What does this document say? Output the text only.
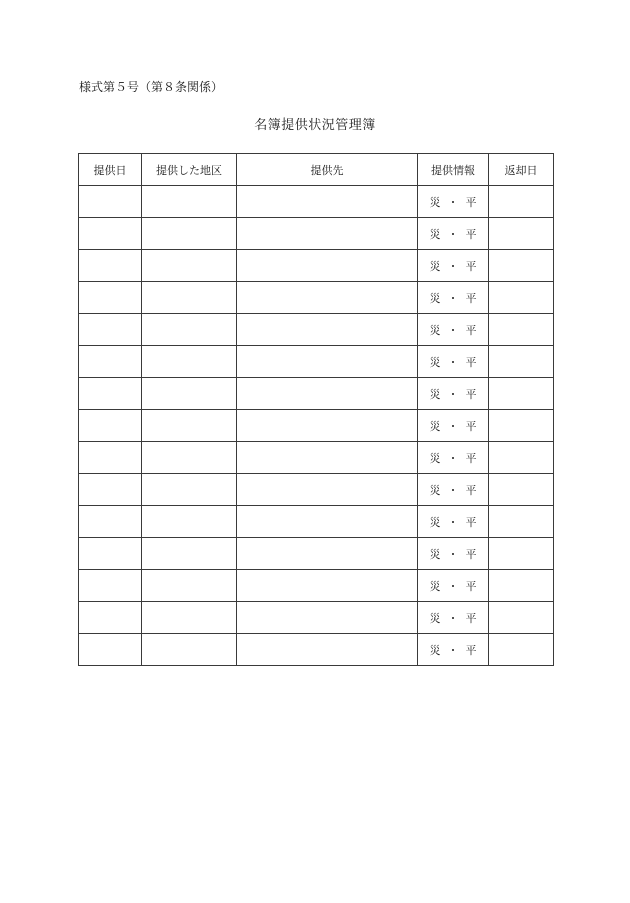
様式第５号（第８条関係）
名簿提供状況管理簿
提供日	提供した地区	提供先	提供情報	返却日
			災 ・ 平	
			災 ・ 平	
			災 ・ 平	
			災 ・ 平	
			災 ・ 平	
			災 ・ 平	
			災 ・ 平	
			災 ・ 平	
			災 ・ 平	
			災 ・ 平	
			災 ・ 平	
			災 ・ 平	
			災 ・ 平	
			災 ・ 平	
			災 ・ 平	
